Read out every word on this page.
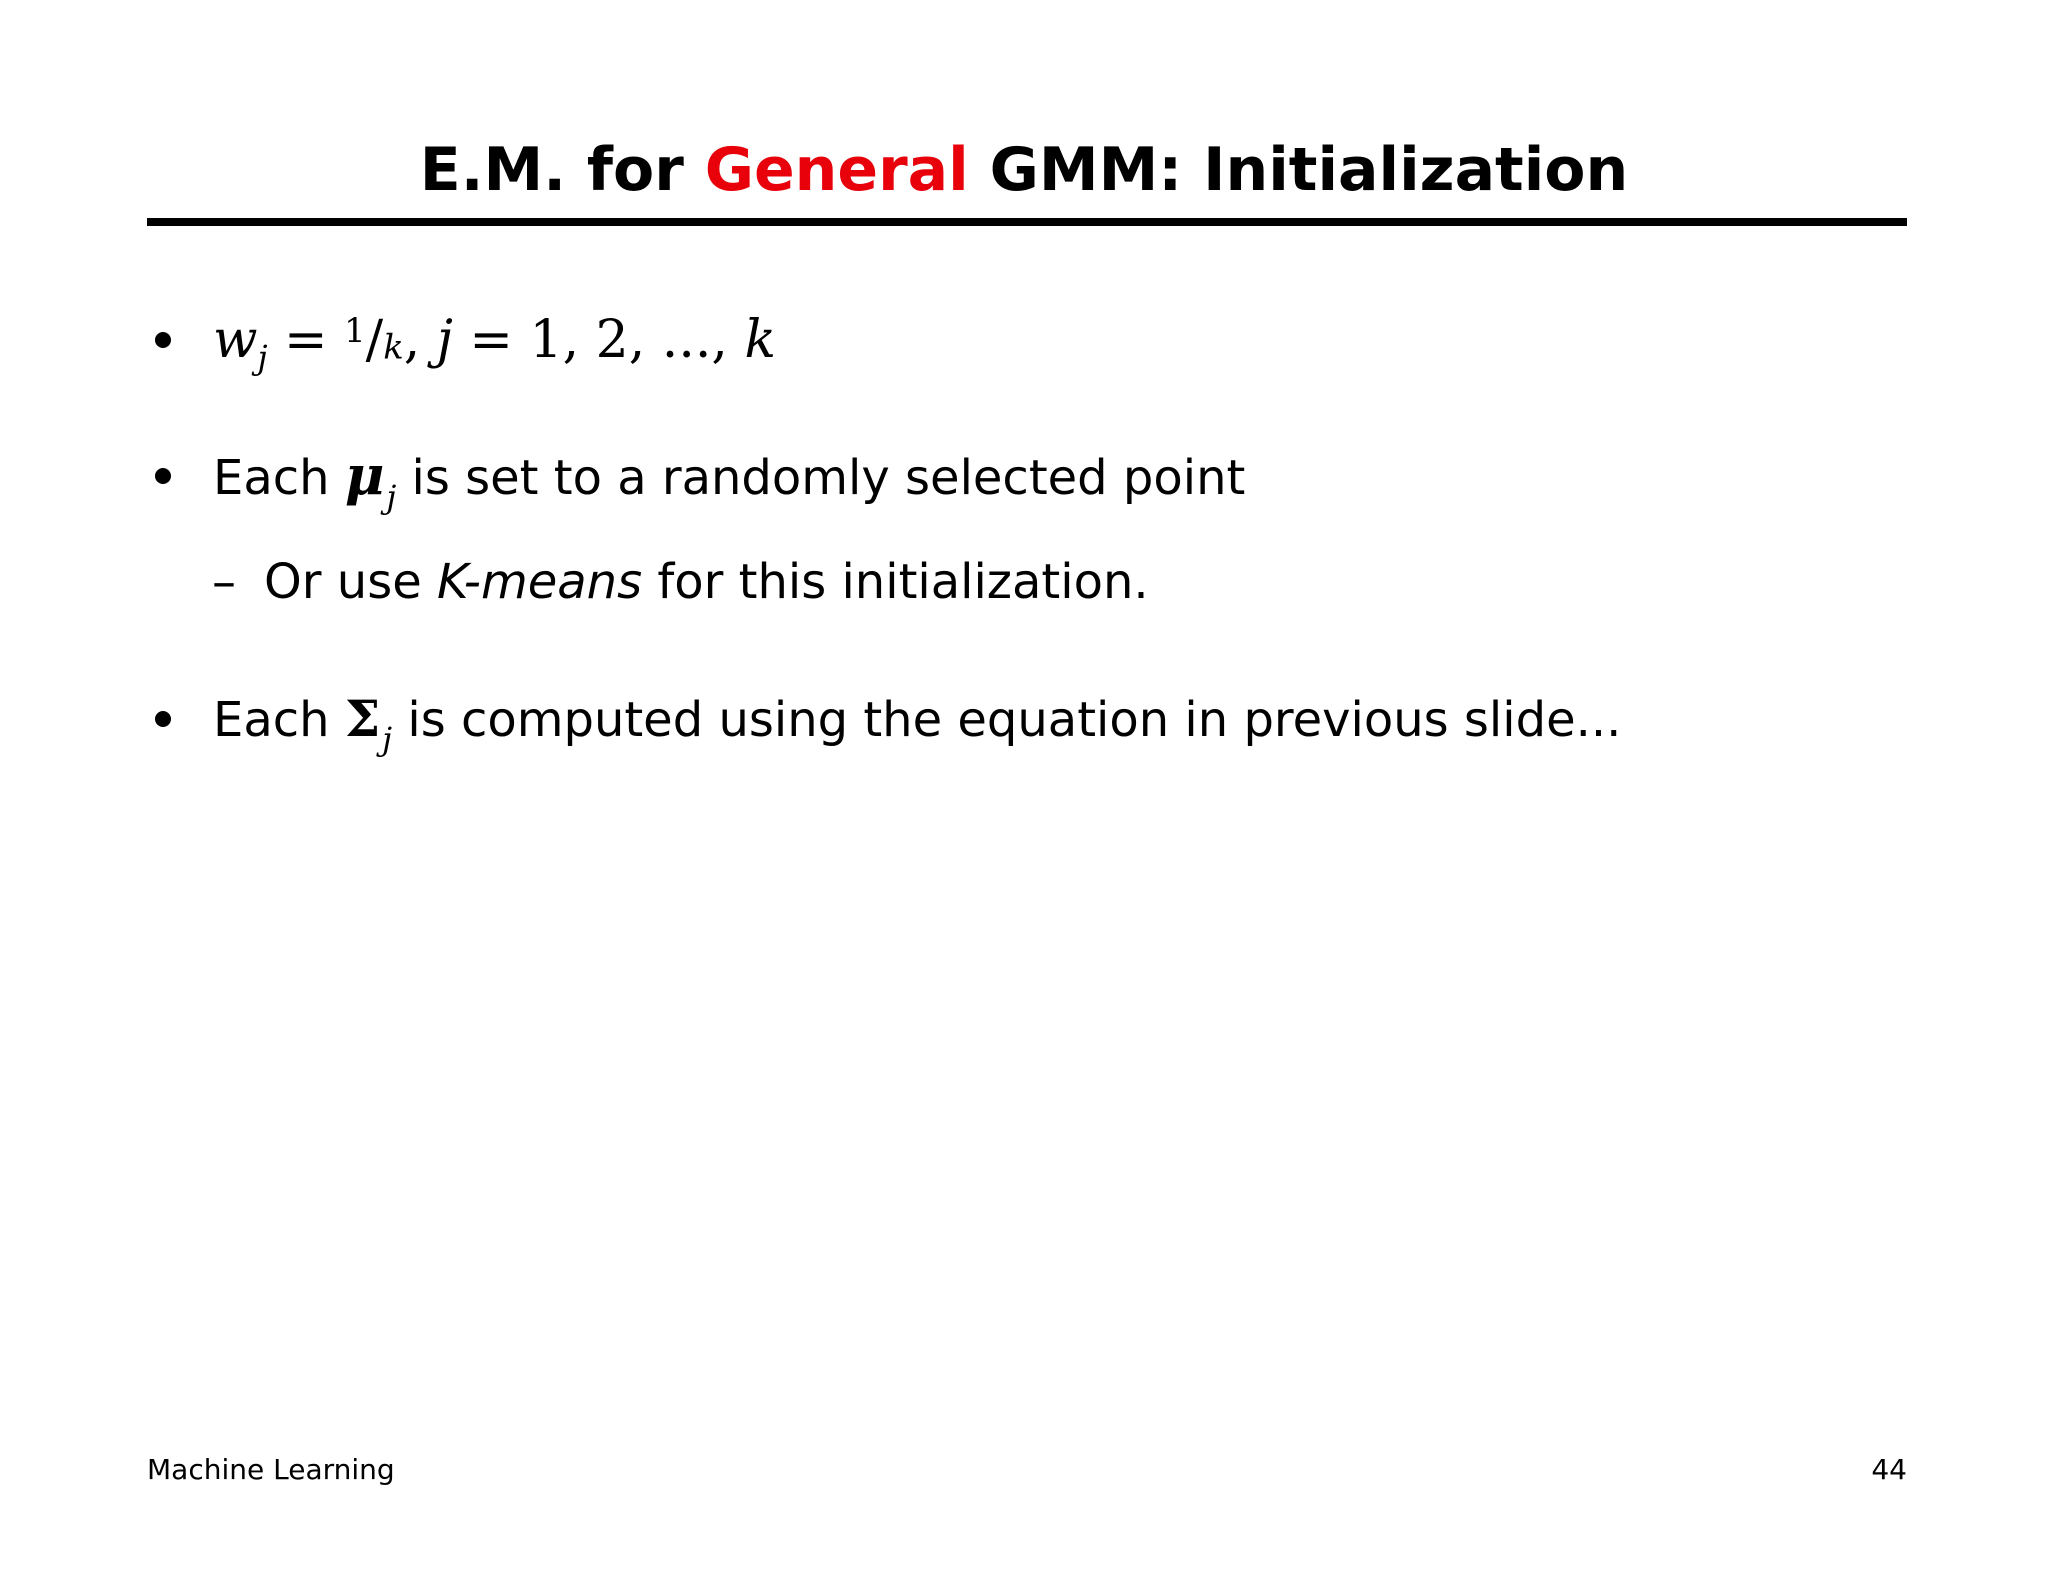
E.M. for General GMM: Initialization
$w_j = ^1/k$, j = 1, 2, ..., k
Each $\mu_j$ is set to a randomly selected point
– Or use K-means for this initialization.
Each $\Sigma_j$ is computed using the equation in previous slide...
Machine Learning	44
